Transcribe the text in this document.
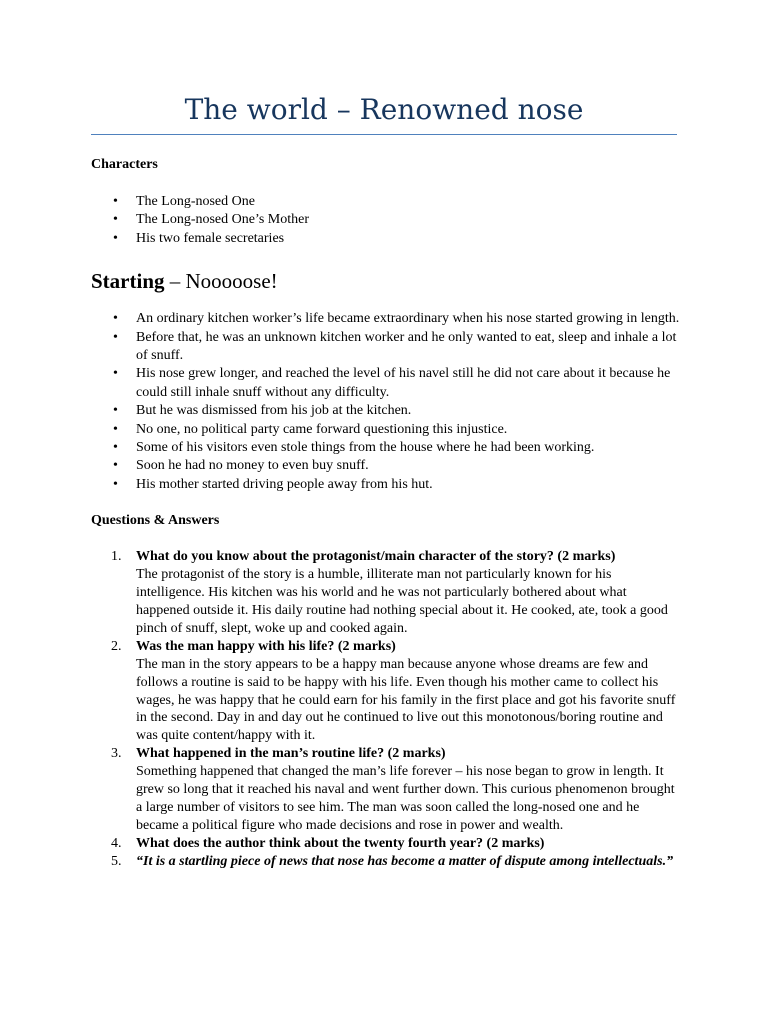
The world – Renowned nose

Characters

• The Long-nosed One
• The Long-nosed One’s Mother
• His two female secretaries

Starting – Nooooose!

• An ordinary kitchen worker’s life became extraordinary when his nose started growing in length.
• Before that, he was an unknown kitchen worker and he only wanted to eat, sleep and inhale a lot of snuff.
• His nose grew longer, and reached the level of his navel still he did not care about it because he could still inhale snuff without any difficulty.
• But he was dismissed from his job at the kitchen.
• No one, no political party came forward questioning this injustice.
• Some of his visitors even stole things from the house where he had been working.
• Soon he had no money to even buy snuff.
• His mother started driving people away from his hut.

Questions & Answers

1. What do you know about the protagonist/main character of the story? (2 marks)
The protagonist of the story is a humble, illiterate man not particularly known for his intelligence. His kitchen was his world and he was not particularly bothered about what happened outside it. His daily routine had nothing special about it. He cooked, ate, took a good pinch of snuff, slept, woke up and cooked again.
2. Was the man happy with his life? (2 marks)
The man in the story appears to be a happy man because anyone whose dreams are few and follows a routine is said to be happy with his life. Even though his mother came to collect his wages, he was happy that he could earn for his family in the first place and got his favorite snuff in the second. Day in and day out he continued to live out this monotonous/boring routine and was quite content/happy with it.
3. What happened in the man’s routine life? (2 marks)
Something happened that changed the man’s life forever – his nose began to grow in length. It grew so long that it reached his naval and went further down. This curious phenomenon brought a large number of visitors to see him. The man was soon called the long-nosed one and he became a political figure who made decisions and rose in power and wealth.
4. What does the author think about the twenty fourth year? (2 marks)
5. “It is a startling piece of news that nose has become a matter of dispute among intellectuals.”
